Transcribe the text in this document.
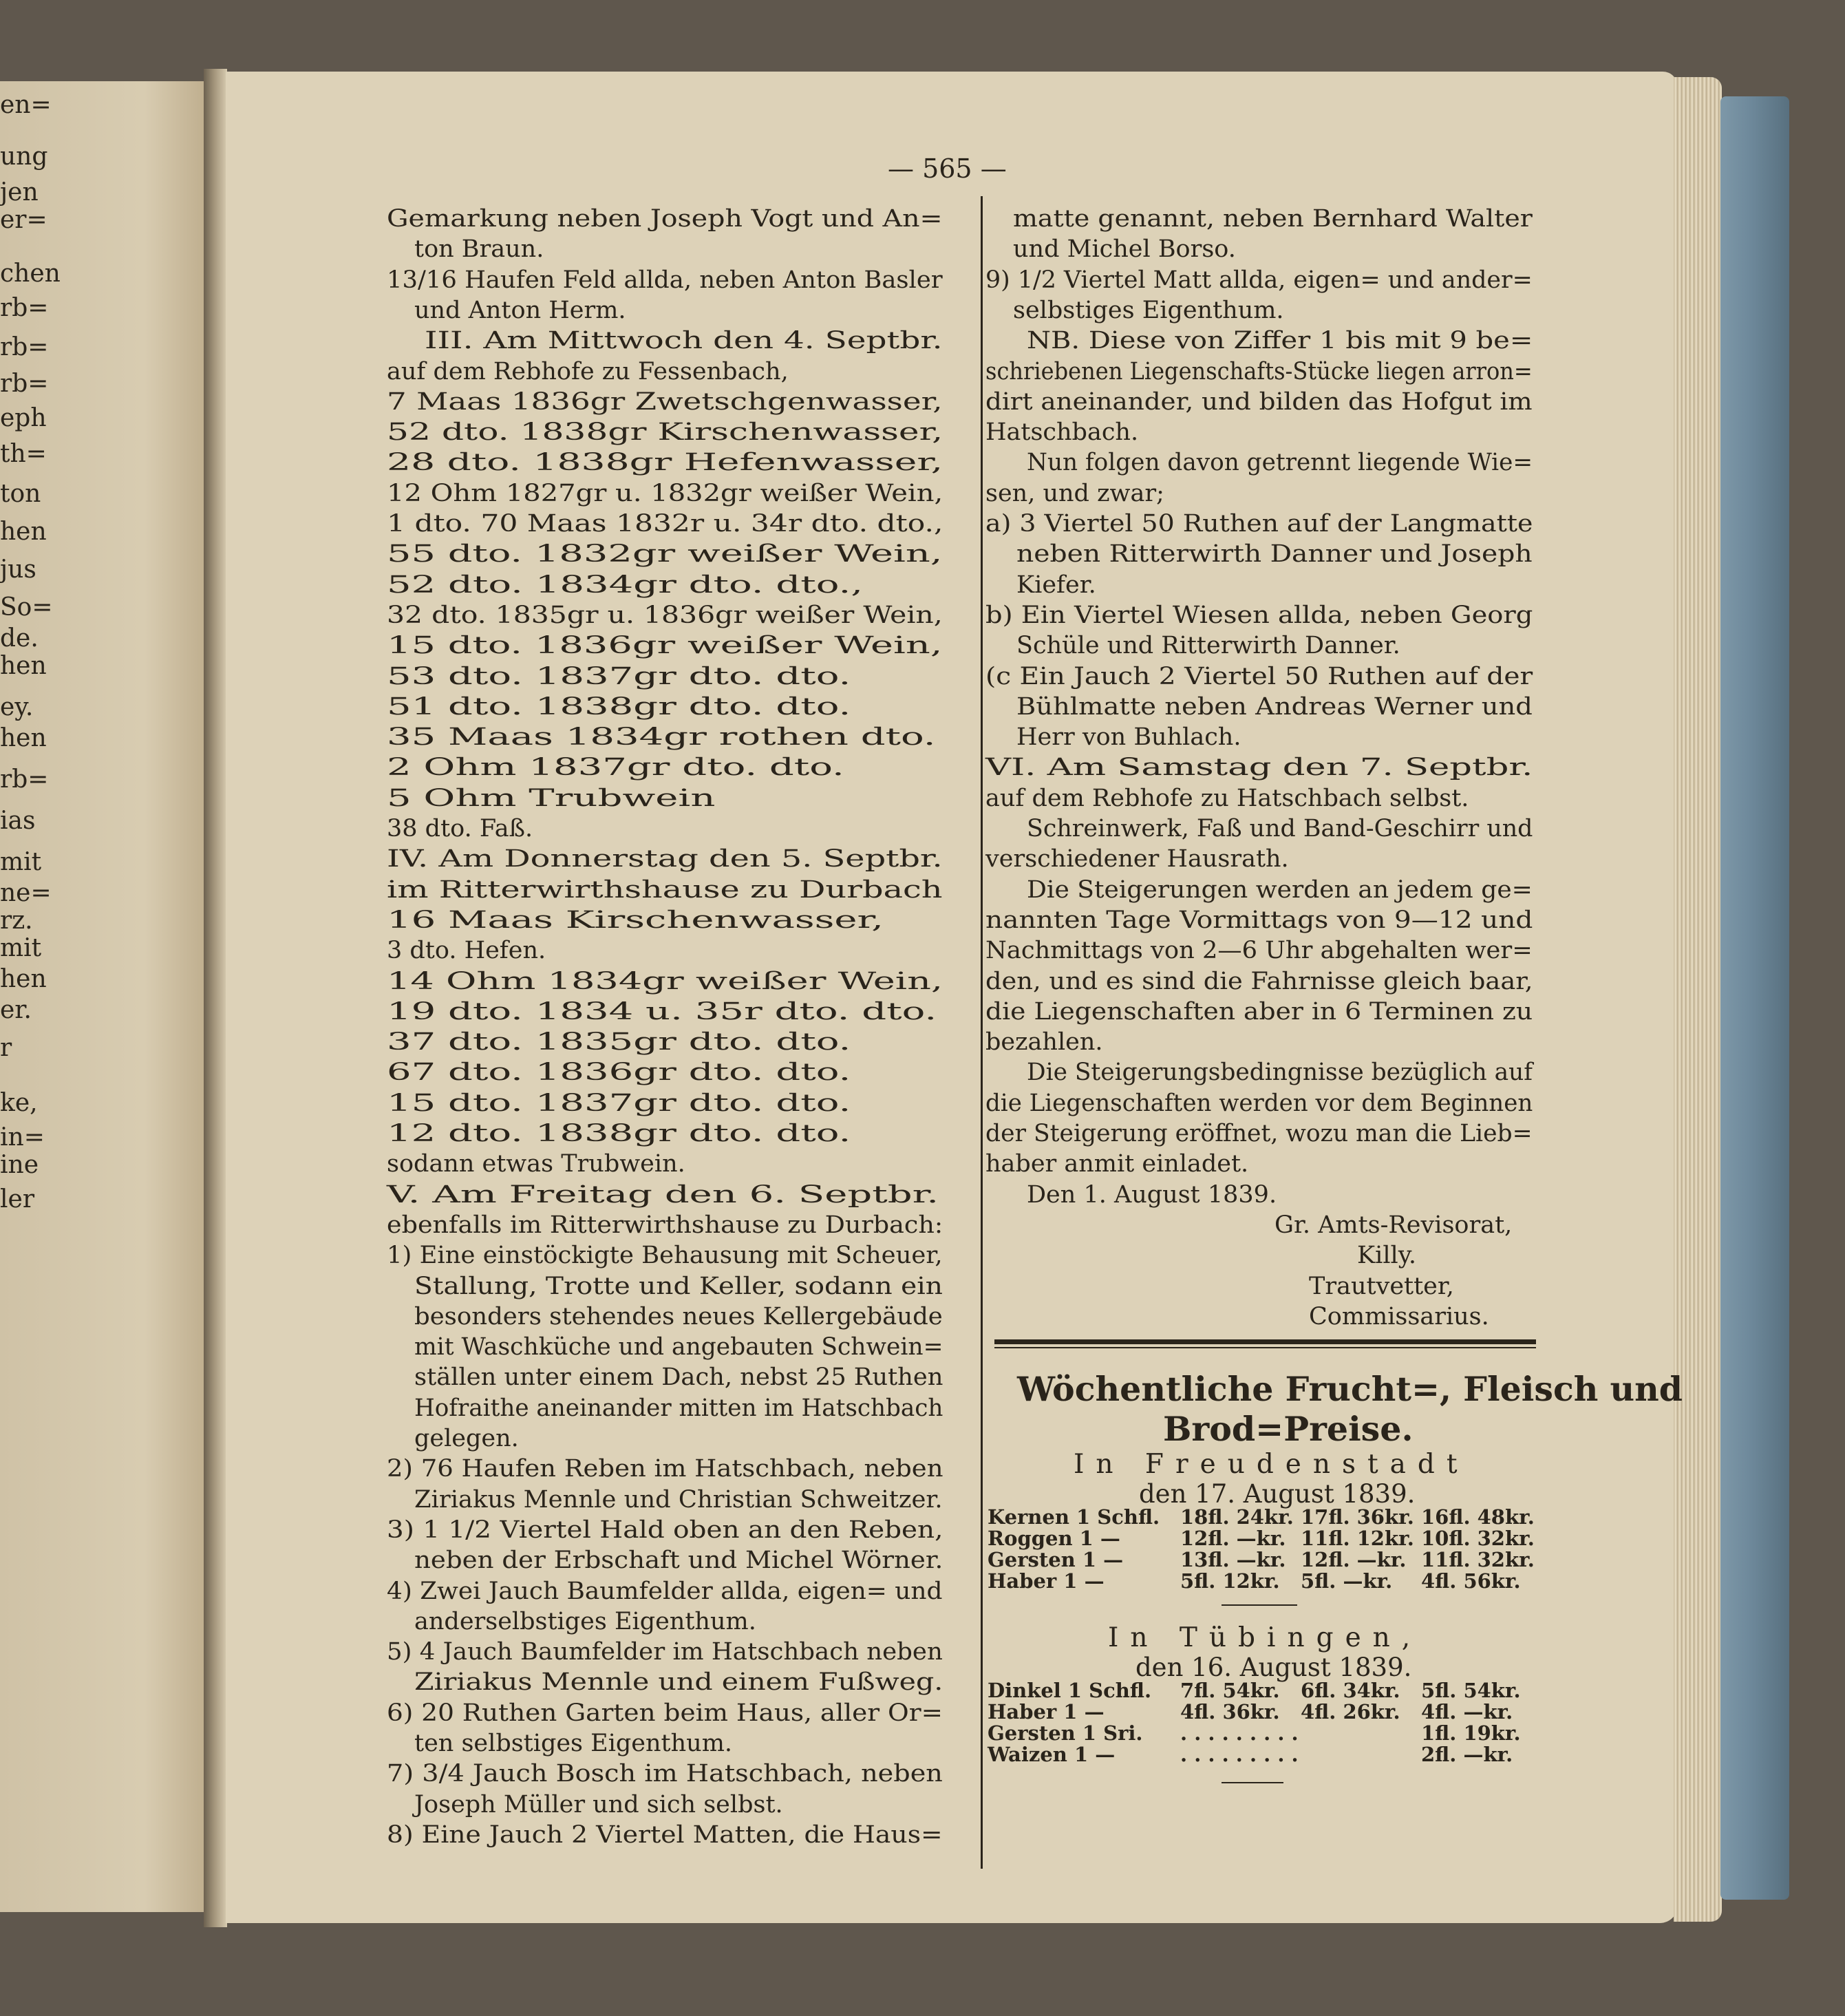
en=
ung
jen
er=
chen
rb=
rb=
rb=
eph
th=
ton
hen
jus
So=
de.
hen
ey.
hen
rb=
ias
mit
ne=
rz.
mit
hen
er.
r
ke,
in=
ine
ler
— 565 —
Gemarkung neben Joseph Vogt und An=
ton Braun.
13/16 Haufen Feld allda, neben Anton Basler
und Anton Herm.
III. Am Mittwoch den 4. Septbr.
auf dem Rebhofe zu Fessenbach,
7 Maas 1836gr Zwetschgenwasser,
52 dto. 1838gr Kirschenwasser,
28 dto. 1838gr Hefenwasser,
12 Ohm 1827gr u. 1832gr weißer Wein,
1 dto. 70 Maas 1832r u. 34r dto. dto.,
55 dto. 1832gr weißer Wein,
52 dto. 1834gr dto. dto.,
32 dto. 1835gr u. 1836gr weißer Wein,
15 dto. 1836gr weißer Wein,
53 dto. 1837gr dto. dto.
51 dto. 1838gr dto. dto.
35 Maas 1834gr rothen dto.
2 Ohm 1837gr dto. dto.
5 Ohm Trubwein
38 dto. Faß.
IV. Am Donnerstag den 5. Septbr.
im Ritterwirthshause zu Durbach
16 Maas Kirschenwasser,
3 dto. Hefen.
14 Ohm 1834gr weißer Wein,
19 dto. 1834 u. 35r dto. dto.
37 dto. 1835gr dto. dto.
67 dto. 1836gr dto. dto.
15 dto. 1837gr dto. dto.
12 dto. 1838gr dto. dto.
sodann etwas Trubwein.
V. Am Freitag den 6. Septbr.
ebenfalls im Ritterwirthshause zu Durbach:
1) Eine einstöckigte Behausung mit Scheuer,
Stallung, Trotte und Keller, sodann ein
besonders stehendes neues Kellergebäude
mit Waschküche und angebauten Schwein=
ställen unter einem Dach, nebst 25 Ruthen
Hofraithe aneinander mitten im Hatschbach
gelegen.
2) 76 Haufen Reben im Hatschbach, neben
Ziriakus Mennle und Christian Schweitzer.
3) 1 1/2 Viertel Hald oben an den Reben,
neben der Erbschaft und Michel Wörner.
4) Zwei Jauch Baumfelder allda, eigen= und
anderselbstiges Eigenthum.
5) 4 Jauch Baumfelder im Hatschbach neben
Ziriakus Mennle und einem Fußweg.
6) 20 Ruthen Garten beim Haus, aller Or=
ten selbstiges Eigenthum.
7) 3/4 Jauch Bosch im Hatschbach, neben
Joseph Müller und sich selbst.
8) Eine Jauch 2 Viertel Matten, die Haus=
matte genannt, neben Bernhard Walter
und Michel Borso.
9) 1/2 Viertel Matt allda, eigen= und ander=
selbstiges Eigenthum.
NB. Diese von Ziffer 1 bis mit 9 be=
schriebenen Liegenschafts-Stücke liegen arron=
dirt aneinander, und bilden das Hofgut im
Hatschbach.
Nun folgen davon getrennt liegende Wie=
sen, und zwar;
a) 3 Viertel 50 Ruthen auf der Langmatte
neben Ritterwirth Danner und Joseph
Kiefer.
b) Ein Viertel Wiesen allda, neben Georg
Schüle und Ritterwirth Danner.
(c Ein Jauch 2 Viertel 50 Ruthen auf der
Bühlmatte neben Andreas Werner und
Herr von Buhlach.
VI. Am Samstag den 7. Septbr.
auf dem Rebhofe zu Hatschbach selbst.
Schreinwerk, Faß und Band-Geschirr und
verschiedener Hausrath.
Die Steigerungen werden an jedem ge=
nannten Tage Vormittags von 9—12 und
Nachmittags von 2—6 Uhr abgehalten wer=
den, und es sind die Fahrnisse gleich baar,
die Liegenschaften aber in 6 Terminen zu
bezahlen.
Die Steigerungsbedingnisse bezüglich auf
die Liegenschaften werden vor dem Beginnen
der Steigerung eröffnet, wozu man die Lieb=
haber anmit einladet.
Den 1. August 1839.
Gr. Amts-Revisorat,
Killy.
Trautvetter,
Commissarius.
Wöchentliche Frucht=, Fleisch und
Brod=Preise.
In Freudenstadt
den 17. August 1839.
Kernen 1 Schfl. 18fl. 24kr. 17fl. 36kr. 16fl. 48kr.
Roggen 1 —	12fl. —kr. 11fl. 12kr. 10fl. 32kr.
Gersten 1 —	13fl. —kr. 12fl. —kr. 11fl. 32kr.
Haber 1 —	5fl. 12kr. 5fl. —kr. 4fl. 56kr.
In Tübingen,
den 16. August 1839.
Dinkel 1 Schfl. 7fl. 54kr. 6fl. 34kr. 5fl. 54kr.
Haber 1 —	4fl. 36kr. 4fl. 26kr. 4fl. —kr.
Gersten 1 Sri. . . . . . . . . .	1fl. 19kr.
Waizen 1 —	. . . . . . . . .	2fl. —kr.
